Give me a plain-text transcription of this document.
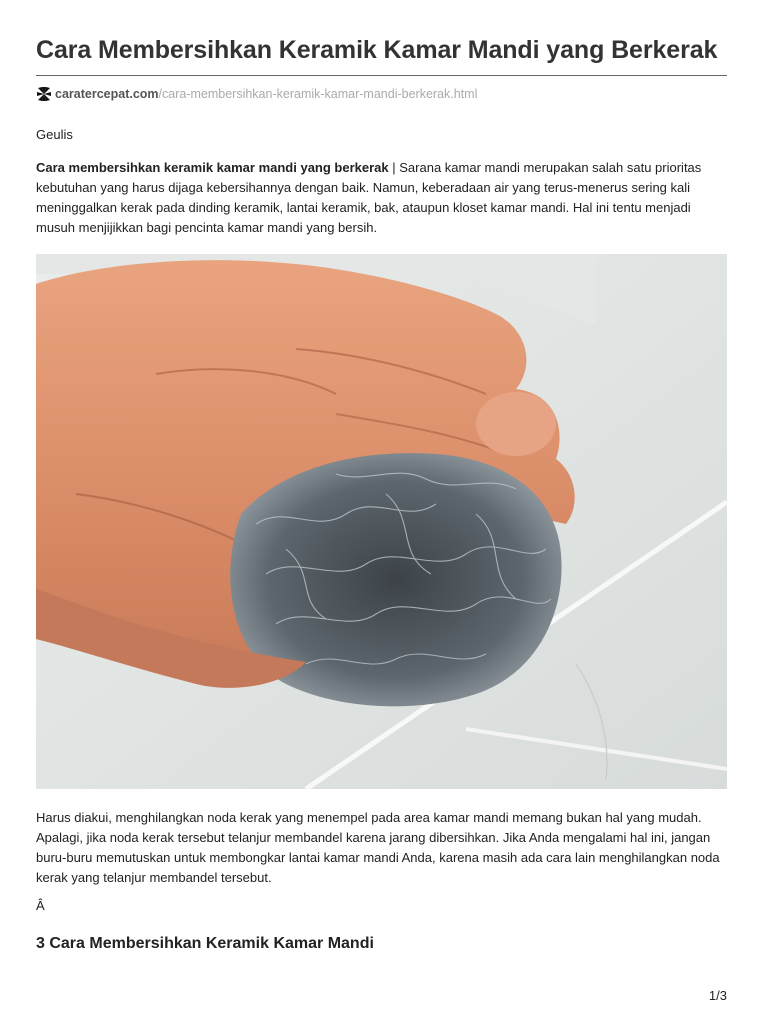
Cara Membersihkan Keramik Kamar Mandi yang Berkerak
caratercepat.com /cara-membersihkan-keramik-kamar-mandi-berkerak.html
Geulis

Cara membersihkan keramik kamar mandi yang berkerak | Sarana kamar mandi merupakan salah satu prioritas kebutuhan yang harus dijaga kebersihannya dengan baik. Namun, keberadaan air yang terus-menerus sering kali meninggalkan kerak pada dinding keramik, lantai keramik, bak, ataupun kloset kamar mandi. Hal ini tentu menjadi musuh menjijikkan bagi pencinta kamar mandi yang bersih.

Harus diakui, menghilangkan noda kerak yang menempel pada area kamar mandi memang bukan hal yang mudah. Apalagi, jika noda kerak tersebut telanjur membandel karena jarang dibersihkan. Jika Anda mengalami hal ini, jangan buru-buru memutuskan untuk membongkar lantai kamar mandi Anda, karena masih ada cara lain menghilangkan noda kerak yang telanjur membandel tersebut.

Â
3 Cara Membersihkan Keramik Kamar Mandi
1/3
